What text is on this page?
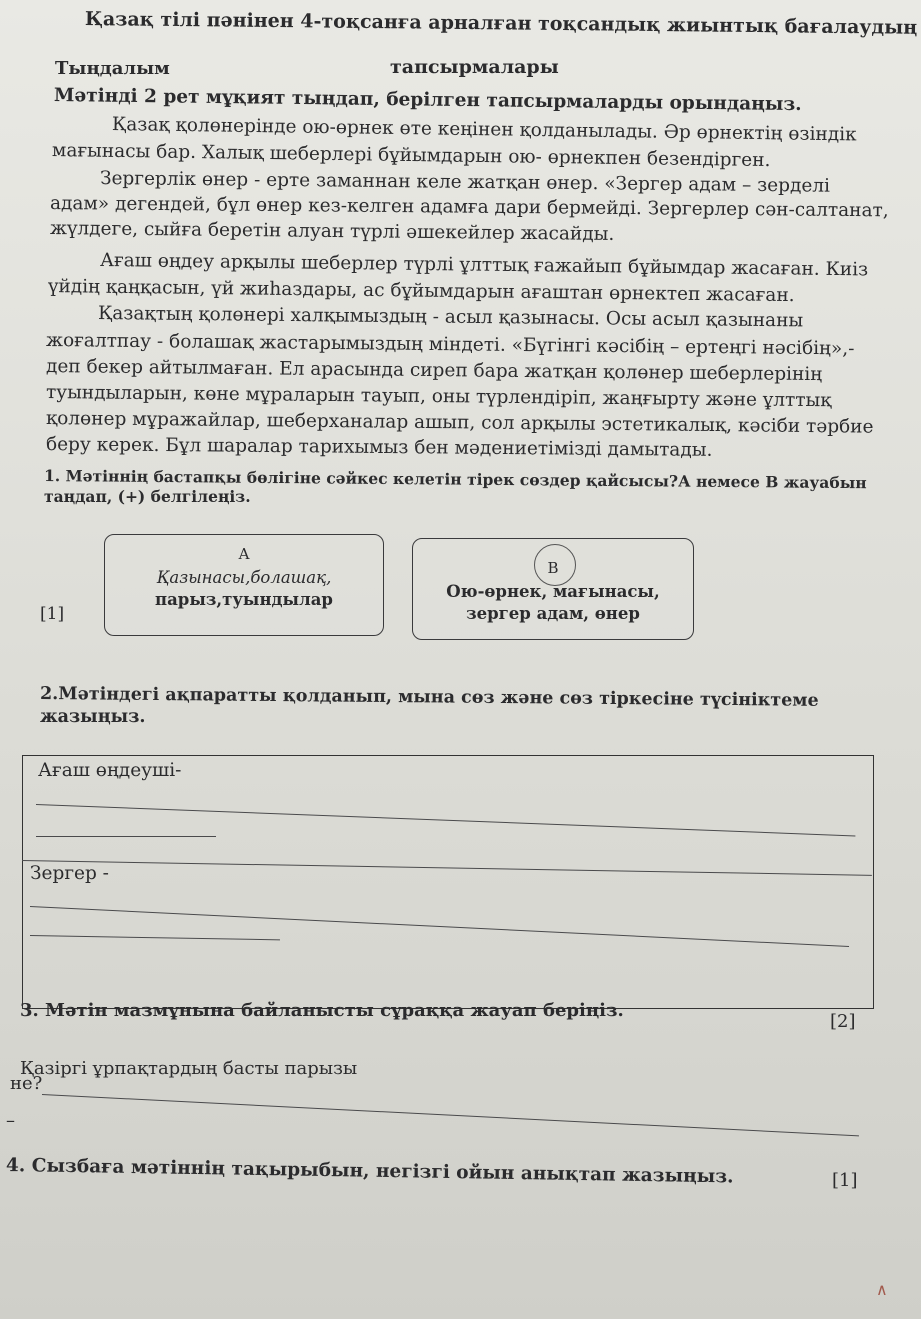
Қазақ тілі пәнінен 4-тоқсанға арналған тоқсандық жиынтық бағалаудың

тапсырмалары

Тыңдалым

Мәтінді 2 рет мұқият тыңдап, берілген тапсырмаларды орындаңыз.

Қазақ қолөнерінде ою-өрнек өте кеңінен қолданылады. Әр өрнектің өзіндік

мағынасы бар. Халық шеберлері бұйымдарын ою- өрнекпен безендірген.

Зергерлік өнер - ерте заманнан келе жатқан өнер. «Зергер адам – зерделі

адам» дегендей, бұл өнер кез-келген адамға дари бермейді. Зергерлер сән-салтанат,

жүлдеге, сыйға беретін алуан түрлі әшекейлер жасайды.

Ағаш өңдеу арқылы шеберлер түрлі ұлттық ғажайып бұйымдар жасаған. Киіз

үйдің қаңқасын, үй жиһаздары, ас бұйымдарын ағаштан өрнектеп жасаған.

Қазақтың қолөнері халқымыздың - асыл қазынасы. Осы асыл қазынаны

жоғалтпау - болашақ жастарымыздың міндеті. «Бүгінгі кәсібің – ертеңгі нәсібің»,-

деп бекер айтылмаған. Ел арасында сиреп бара жатқан қолөнер шеберлерінің

туындыларын, көне мұраларын тауып, оны түрлендіріп, жаңғырту және ұлттық

қолөнер мұражайлар, шеберханалар ашып, сол арқылы эстетикалық, кәсіби тәрбие

беру керек. Бұл шаралар тарихымыз бен мәдениетімізді дамытады.

1. Мәтіннің бастапқы бөлігіне сәйкес келетін тірек сөздер қайсысы?А немесе В жауабын

таңдап, (+) белгілеңіз.

A
Қазынасы,болашақ,
парыз,туындылар
B
Ою-өрнек, мағынасы,
зергер адам, өнер

[1]

2.Мәтіндегі ақпаратты қолданып, мына сөз және сөз тіркесіне түсініктеме

жазыңыз.

Ағаш өңдеуші-

Зергер -

[2]

3. Мәтін мазмұнына байланысты сұраққа жауап беріңіз.

Қазіргі ұрпақтардың басты парызы

не?

–

[1]

4. Сызбаға мәтіннің тақырыбын, негізгі ойын анықтап жазыңыз.

∧
